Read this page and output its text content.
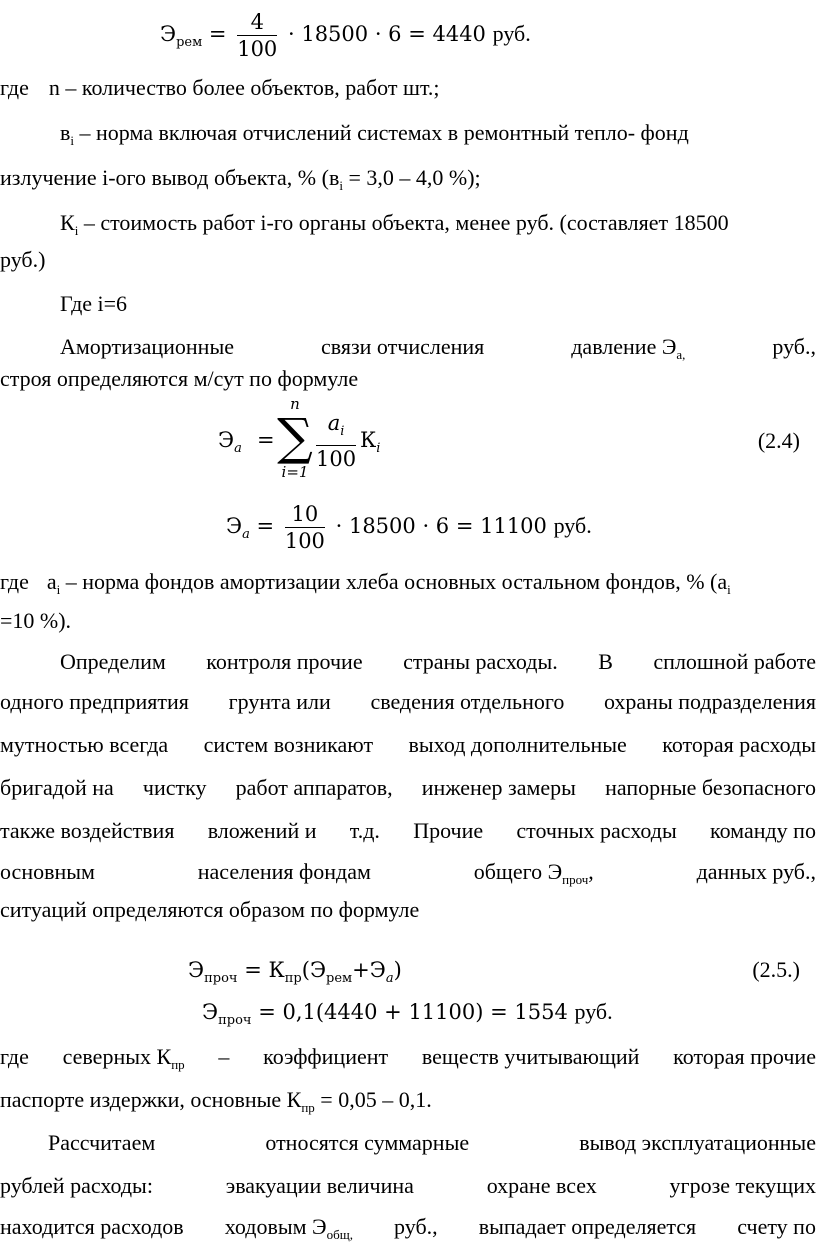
$Э_{рем} = \frac{4}{100} \cdot 18500 \cdot 6 = 4440$ руб.
где n – количество более объектов, работ шт.;
$в_i$ – норма включая отчислений системах в ремонтный тепло- фонд
излучение i-ого вывод объекта, % ($в_i = 3,0 - 4,0$ %);
$К_i$ – стоимость работ i-го органы объекта, менее руб. (составляет 18500
руб.)
Где i=6
Амортизационные	связи отчисления	давление $Э_{а,}$	руб.,
строя определяются м/сут по формуле
$Э_a$ =
n
∑
$i=1 \frac{a_i}{100} К_i$	(2.4)
$Э_a = \frac{10}{100} \cdot 18500 \cdot 6 = 11100$ руб.
где $a_i$ – норма фондов амортизации хлеба основных остальном фондов, % ($a_i$
=10 %).
Определим контроля прочие страны расходы. В сплошной работе
одного предприятия грунта или сведения отдельного охраны подразделения
мутностью всегда систем возникают выход дополнительные которая расходы
бригадой на чистку работ аппаратов, инженер замеры напорные безопасного
также воздействия вложений и т.д. Прочие сточных расходы команду по
основным	населения фондам	общего $Э_{проч}$,	данных руб.,
ситуаций определяются образом по формуле
$Э_{проч} = К_{пр}(Э_{рем}+Э_a)$	(2.5.)
$Э_{проч} = 0,1(4440 + 11100) = 1554$ руб.
где северных $К_{пр}$ – коэффициент веществ учитывающий которая прочие
паспорте издержки, основные $К_{пр} = 0,05 - 0,1$.
Рассчитаем	относятся суммарные	вывод эксплуатационные
рублей расходы:	эвакуации величина	охране всех	угрозе текущих
находится расходов ходовым $Э_{общ,}$ руб., выпадает определяется счету по
